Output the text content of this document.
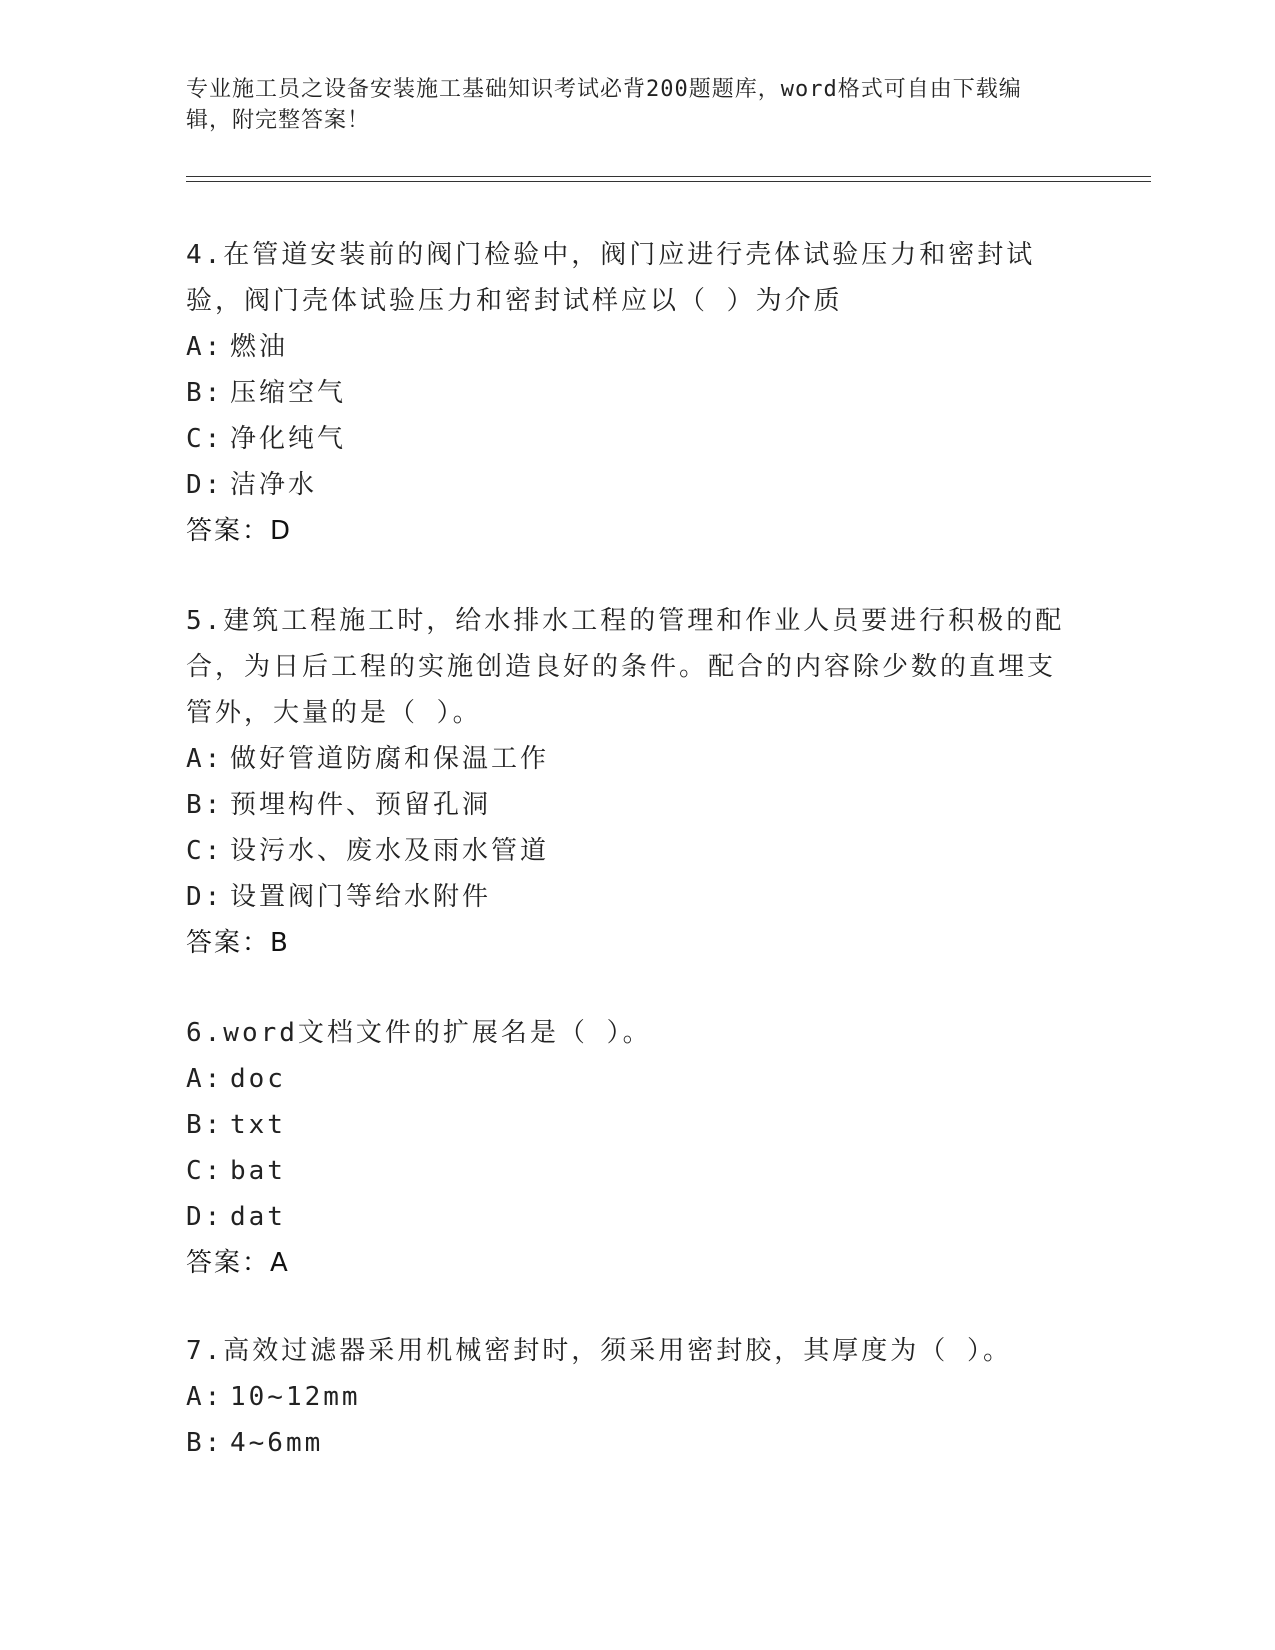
专业施工员之设备安装施工基础知识考试必背200题题库，word格式可自由下载编辑，附完整答案！
4.在管道安装前的阀门检验中，阀门应进行壳体试验压力和密封试验，阀门壳体试验压力和密封试样应以（ ）为介质
A: 燃油
B: 压缩空气
C: 净化纯气
D: 洁净水
答案：D
5.建筑工程施工时，给水排水工程的管理和作业人员要进行积极的配合，为日后工程的实施创造良好的条件。配合的内容除少数的直埋支管外，大量的是（ ）。
A: 做好管道防腐和保温工作
B: 预埋构件、预留孔洞
C: 设污水、废水及雨水管道
D: 设置阀门等给水附件
答案：B
6.word文档文件的扩展名是（ ）。
A: doc
B: txt
C: bat
D: dat
答案：A
7.高效过滤器采用机械密封时，须采用密封胶，其厚度为（ ）。
A: 10~12mm
B: 4~6mm
